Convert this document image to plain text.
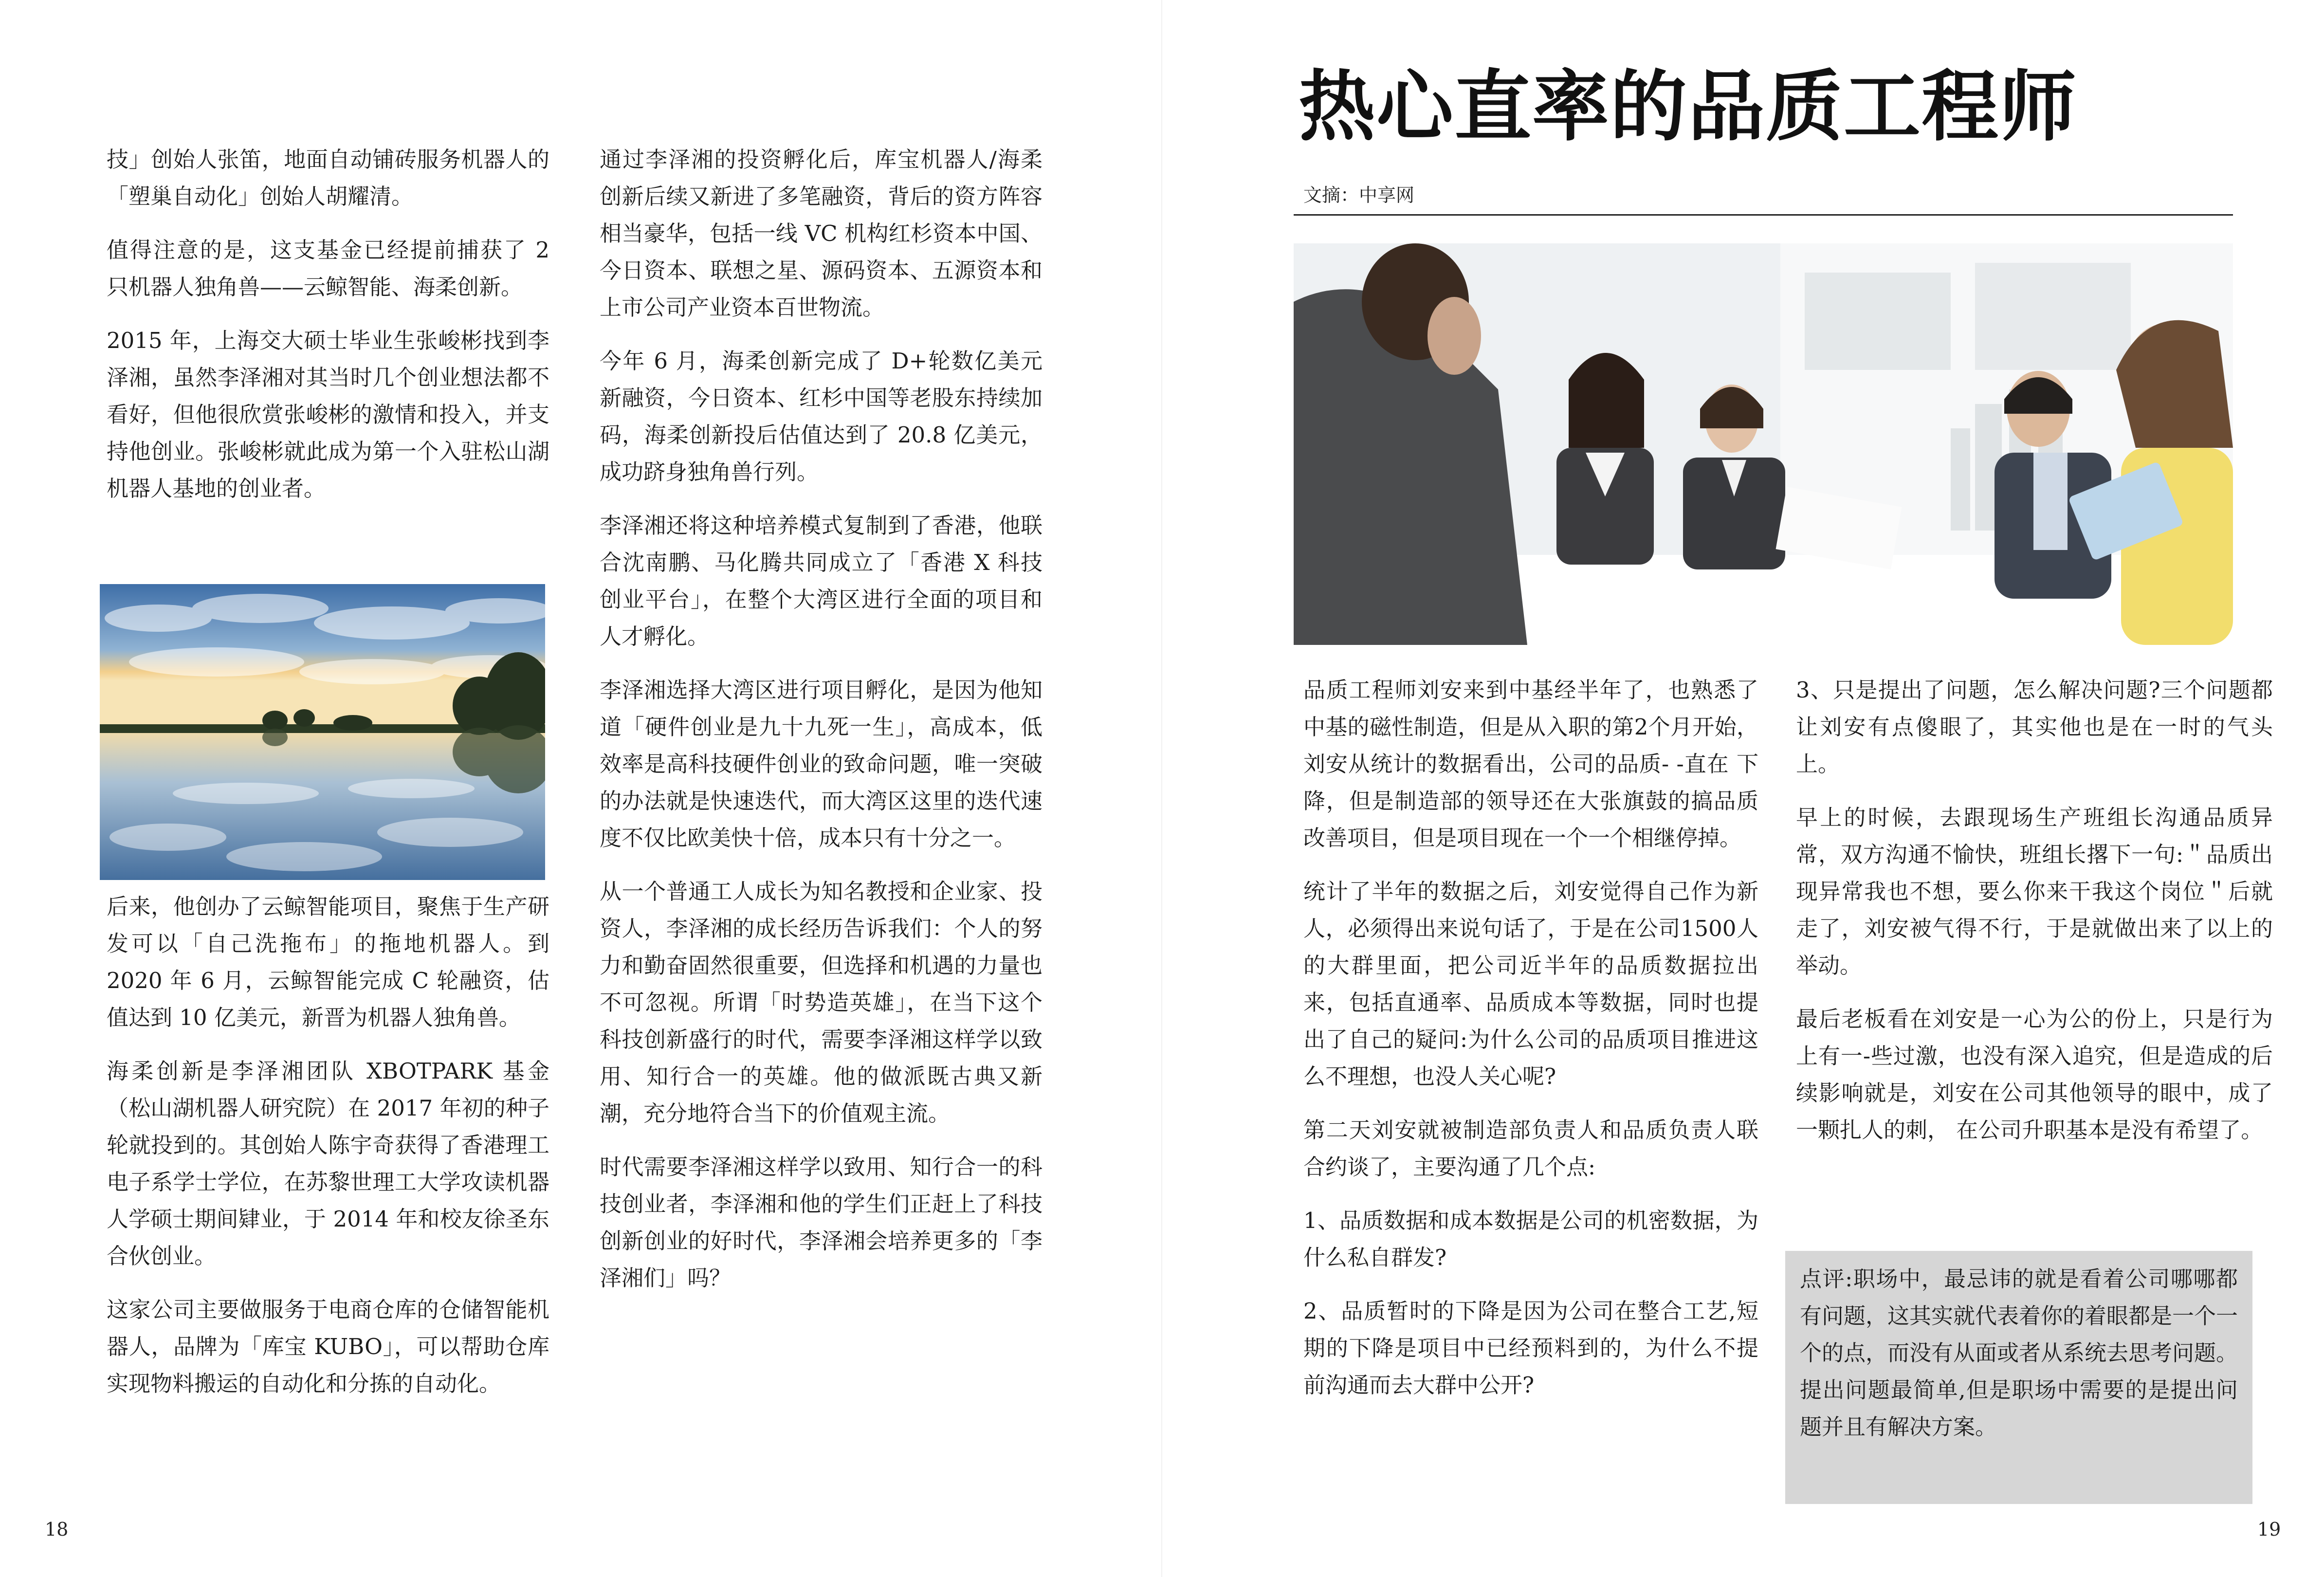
技」创始人张笛，地面自动铺砖服务机器人的「塑巢自动化」创始人胡耀清。

值得注意的是，这支基金已经提前捕获了 2 只机器人独角兽——云鲸智能、海柔创新。

2015 年，上海交大硕士毕业生张峻彬找到李泽湘，虽然李泽湘对其当时几个创业想法都不看好，但他很欣赏张峻彬的激情和投入，并支持他创业。张峻彬就此成为第一个入驻松山湖机器人基地的创业者。

后来，他创办了云鲸智能项目，聚焦于生产研发可以「自己洗拖布」的拖地机器人。到 2020 年 6 月，云鲸智能完成 C 轮融资，估值达到 10 亿美元，新晋为机器人独角兽。

海柔创新是李泽湘团队 XBOTPARK 基金（松山湖机器人研究院）在 2017 年初的种子轮就投到的。其创始人陈宇奇获得了香港理工电子系学士学位，在苏黎世理工大学攻读机器人学硕士期间肄业，于 2014 年和校友徐圣东合伙创业。

这家公司主要做服务于电商仓库的仓储智能机器人，品牌为「库宝 KUBO」，可以帮助仓库实现物料搬运的自动化和分拣的自动化。

通过李泽湘的投资孵化后，库宝机器人/海柔创新后续又新进了多笔融资，背后的资方阵容相当豪华，包括一线 VC 机构红杉资本中国、今日资本、联想之星、源码资本、五源资本和上市公司产业资本百世物流。

今年 6 月，海柔创新完成了 D+轮数亿美元新融资，今日资本、红杉中国等老股东持续加码，海柔创新投后估值达到了 20.8 亿美元，成功跻身独角兽行列。

李泽湘还将这种培养模式复制到了香港，他联合沈南鹏、马化腾共同成立了「香港 X 科技创业平台」，在整个大湾区进行全面的项目和人才孵化。

李泽湘选择大湾区进行项目孵化，是因为他知道「硬件创业是九十九死一生」，高成本，低效率是高科技硬件创业的致命问题，唯一突破的办法就是快速迭代，而大湾区这里的迭代速度不仅比欧美快十倍，成本只有十分之一。

从一个普通工人成长为知名教授和企业家、投资人，李泽湘的成长经历告诉我们：个人的努力和勤奋固然很重要，但选择和机遇的力量也不可忽视。所谓「时势造英雄」，在当下这个科技创新盛行的时代，需要李泽湘这样学以致用、知行合一的英雄。他的做派既古典又新潮，充分地符合当下的价值观主流。

时代需要李泽湘这样学以致用、知行合一的科技创业者，李泽湘和他的学生们正赶上了科技创新创业的好时代，李泽湘会培养更多的「李泽湘们」吗？

18
热心直率的品质工程师
文摘：中享网

品质工程师刘安来到中基经半年了，也熟悉了中基的磁性制造，但是从入职的第2个月开始，刘安从统计的数据看出，公司的品质- -直在 下降，但是制造部的领导还在大张旗鼓的搞品质改善项目，但是项目现在一个一个相继停掉。

统计了半年的数据之后，刘安觉得自己作为新人，必须得出来说句话了，于是在公司1500人的大群里面，把公司近半年的品质数据拉出来，包括直通率、品质成本等数据，同时也提出了自己的疑问:为什么公司的品质项目推进这么不理想，也没人关心呢?

第二天刘安就被制造部负责人和品质负责人联合约谈了，主要沟通了几个点:

1、品质数据和成本数据是公司的机密数据，为什么私自群发?

2、品质暂时的下降是因为公司在整合工艺,短期的下降是项目中已经预料到的，为什么不提前沟通而去大群中公开?

3、只是提出了问题，怎么解决问题?三个问题都让刘安有点傻眼了，其实他也是在一时的气头上。

早上的时候，去跟现场生产班组长沟通品质异常，双方沟通不愉快，班组长撂下一句:＂品质出现异常我也不想，要么你来干我这个岗位＂后就走了，刘安被气得不行，于是就做出来了以上的举动。

最后老板看在刘安是一心为公的份上，只是行为上有一-些过激，也没有深入追究，但是造成的后续影响就是，刘安在公司其他领导的眼中，成了一颗扎人的刺， 在公司升职基本是没有希望了。

点评:职场中，最忌讳的就是看着公司哪哪都有问题，这其实就代表着你的着眼都是一个一 个的点，而没有从面或者从系统去思考问题。提出问题最简单,但是职场中需要的是提出问题并且有解决方案。

19
